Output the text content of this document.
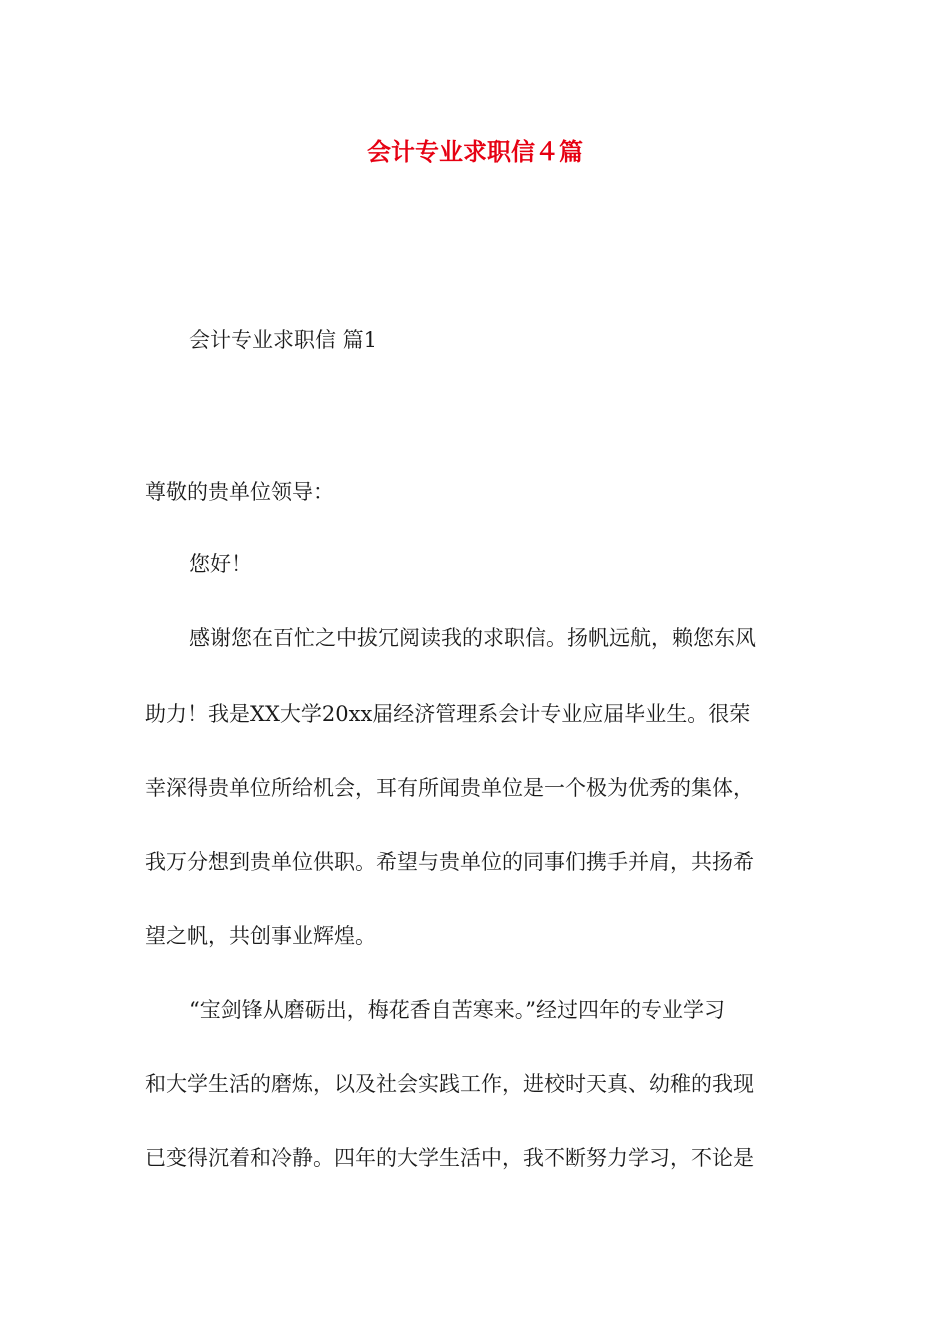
会计专业求职信４篇

会计专业求职信 篇1

尊敬的贵单位领导：

您好！

感谢您在百忙之中拔冗阅读我的求职信。扬帆远航，赖您东风

助力！我是XX大学20xx届经济管理系会计专业应届毕业生。很荣

幸深得贵单位所给机会，耳有所闻贵单位是一个极为优秀的集体，

我万分想到贵单位供职。希望与贵单位的同事们携手并肩，共扬希

望之帆，共创事业辉煌。

“宝剑锋从磨砺出，梅花香自苦寒来。”经过四年的专业学习

和大学生活的磨炼，以及社会实践工作，进校时天真、幼稚的我现

已变得沉着和冷静。四年的大学生活中，我不断努力学习，不论是
